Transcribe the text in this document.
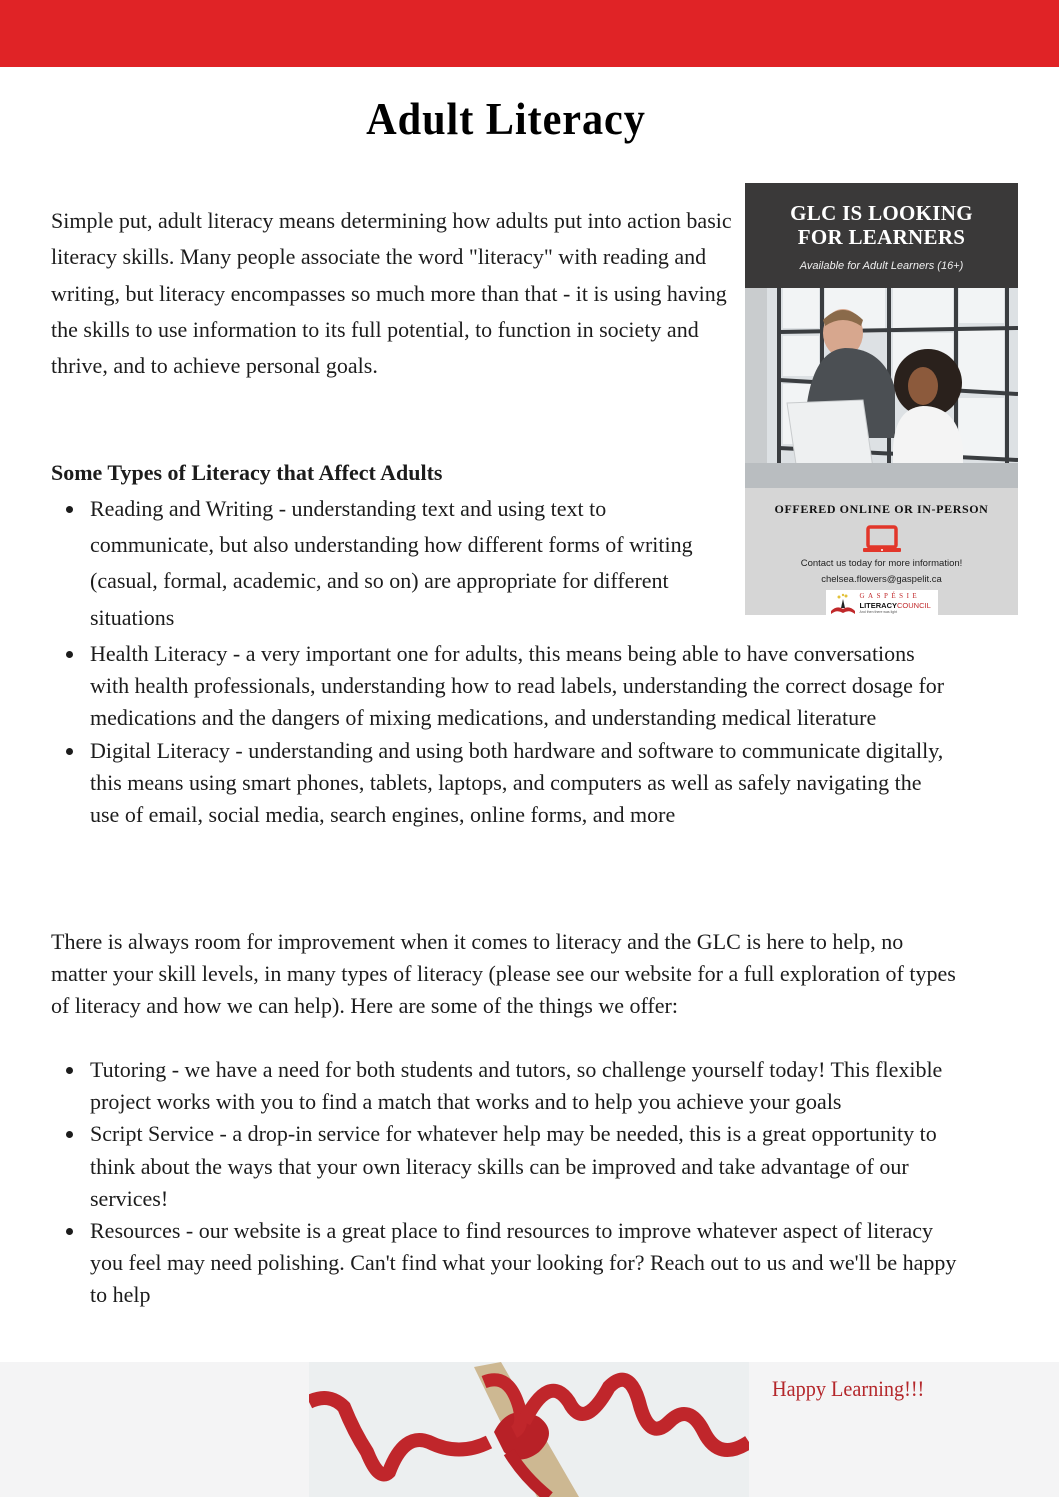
Adult Literacy

Simple put, adult literacy means determining how adults put into action basic literacy skills. Many people associate the word "literacy" with reading and writing, but literacy encompasses so much more than that - it is using having the skills to use information to its full potential, to function in society and thrive, and to achieve personal goals.

Some Types of Literacy that Affect Adults
Reading and Writing - understanding text and using text to communicate, but also understanding how different forms of writing (casual, formal, academic, and so on) are appropriate for different situations
Health Literacy - a very important one for adults, this means being able to have conversations with health professionals, understanding how to read labels, understanding the correct dosage for medications and the dangers of mixing medications, and understanding medical literature
Digital Literacy - understanding and using both hardware and software to communicate digitally, this means using smart phones, tablets, laptops, and computers as well as safely navigating the use of email, social media, search engines, online forms, and more

There is always room for improvement when it comes to literacy and the GLC is here to help, no matter your skill levels, in many types of literacy (please see our website for a full exploration of types of literacy and how we can help). Here are some of the things we offer:

Tutoring - we have a need for both students and tutors, so challenge yourself today! This flexible project works with you to find a match that works and to help you achieve your goals
Script Service - a drop-in service for whatever help may be needed, this is a great opportunity to think about the ways that your own literacy skills can be improved and take advantage of our services!
Resources - our website is a great place to find resources to improve whatever aspect of literacy you feel may need polishing. Can't find what your looking for? Reach out to us and we'll be happy to help
GLC IS LOOKING
FOR LEARNERS
Available for Adult Learners (16+)
OFFERED ONLINE OR IN-PERSON
Contact us today for more information!
chelsea.flowers@gaspelit.ca
GASPÉSIE
LITERACYCOUNCIL
And then there was light
Happy Learning!!!
